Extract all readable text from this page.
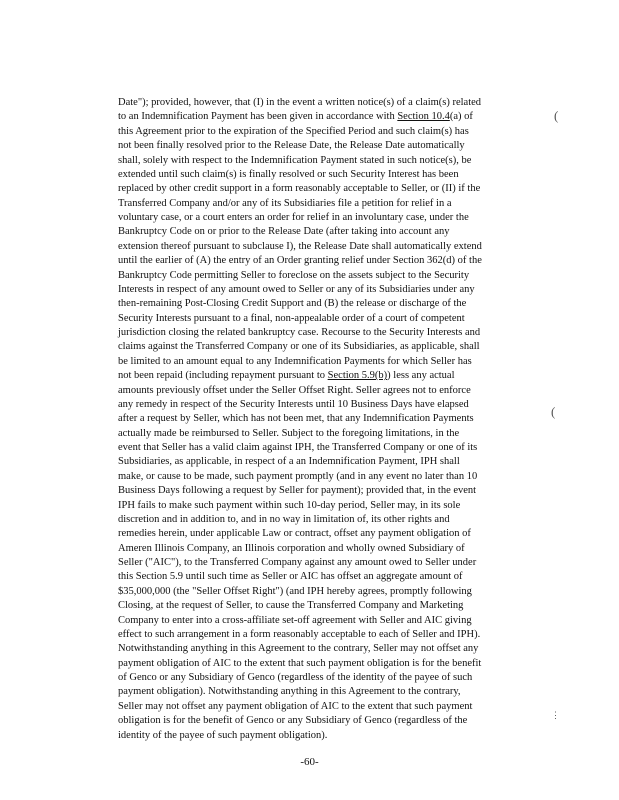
Date"); provided, however, that (I) in the event a written notice(s) of a claim(s) related
to an Indemnification Payment has been given in accordance with Section 10.4(a) of
this Agreement prior to the expiration of the Specified Period and such claim(s) has
not been finally resolved prior to the Release Date, the Release Date automatically
shall, solely with respect to the Indemnification Payment stated in such notice(s), be
extended until such claim(s) is finally resolved or such Security Interest has been
replaced by other credit support in a form reasonably acceptable to Seller, or (II) if the
Transferred Company and/or any of its Subsidiaries file a petition for relief in a
voluntary case, or a court enters an order for relief in an involuntary case, under the
Bankruptcy Code on or prior to the Release Date (after taking into account any
extension thereof pursuant to subclause I), the Release Date shall automatically extend
until the earlier of (A) the entry of an Order granting relief under Section 362(d) of the
Bankruptcy Code permitting Seller to foreclose on the assets subject to the Security
Interests in respect of any amount owed to Seller or any of its Subsidiaries under any
then-remaining Post-Closing Credit Support and (B) the release or discharge of the
Security Interests pursuant to a final, non-appealable order of a court of competent
jurisdiction closing the related bankruptcy case. Recourse to the Security Interests and
claims against the Transferred Company or one of its Subsidiaries, as applicable, shall
be limited to an amount equal to any Indemnification Payments for which Seller has
not been repaid (including repayment pursuant to Section 5.9(b)) less any actual
amounts previously offset under the Seller Offset Right. Seller agrees not to enforce
any remedy in respect of the Security Interests until 10 Business Days have elapsed
after a request by Seller, which has not been met, that any Indemnification Payments
actually made be reimbursed to Seller. Subject to the foregoing limitations, in the
event that Seller has a valid claim against IPH, the Transferred Company or one of its
Subsidiaries, as applicable, in respect of a an Indemnification Payment, IPH shall
make, or cause to be made, such payment promptly (and in any event no later than 10
Business Days following a request by Seller for payment); provided that, in the event
IPH fails to make such payment within such 10-day period, Seller may, in its sole
discretion and in addition to, and in no way in limitation of, its other rights and
remedies herein, under applicable Law or contract, offset any payment obligation of
Ameren Illinois Company, an Illinois corporation and wholly owned Subsidiary of
Seller ("AIC"), to the Transferred Company against any amount owed to Seller under
this Section 5.9 until such time as Seller or AIC has offset an aggregate amount of
$35,000,000 (the "Seller Offset Right") (and IPH hereby agrees, promptly following
Closing, at the request of Seller, to cause the Transferred Company and Marketing
Company to enter into a cross-affiliate set-off agreement with Seller and AIC giving
effect to such arrangement in a form reasonably acceptable to each of Seller and IPH).
Notwithstanding anything in this Agreement to the contrary, Seller may not offset any
payment obligation of AIC to the extent that such payment obligation is for the benefit
of Genco or any Subsidiary of Genco (regardless of the identity of the payee of such
payment obligation). Notwithstanding anything in this Agreement to the contrary,
Seller may not offset any payment obligation of AIC to the extent that such payment
obligation is for the benefit of Genco or any Subsidiary of Genco (regardless of the
identity of the payee of such payment obligation).
(
(
⋮
-60-
